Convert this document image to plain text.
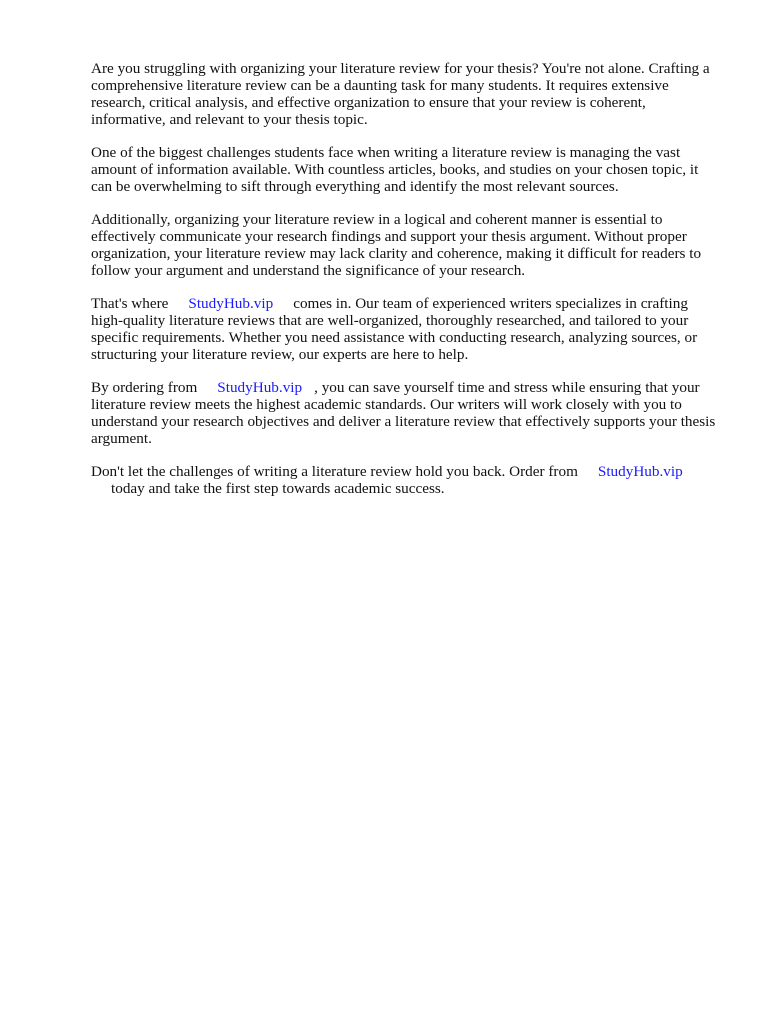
Are you struggling with organizing your literature review for your thesis? You're not alone. Crafting a comprehensive literature review can be a daunting task for many students. It requires extensive research, critical analysis, and effective organization to ensure that your review is coherent, informative, and relevant to your thesis topic.

One of the biggest challenges students face when writing a literature review is managing the vast amount of information available. With countless articles, books, and studies on your chosen topic, it can be overwhelming to sift through everything and identify the most relevant sources.

Additionally, organizing your literature review in a logical and coherent manner is essential to effectively communicate your research findings and support your thesis argument. Without proper organization, your literature review may lack clarity and coherence, making it difficult for readers to follow your argument and understand the significance of your research.

That's where StudyHub.vip comes in. Our team of experienced writers specializes in crafting high-quality literature reviews that are well-organized, thoroughly researched, and tailored to your specific requirements. Whether you need assistance with conducting research, analyzing sources, or structuring your literature review, our experts are here to help.

By ordering from StudyHub.vip , you can save yourself time and stress while ensuring that your literature review meets the highest academic standards. Our writers will work closely with you to understand your research objectives and deliver a literature review that effectively supports your thesis argument.

Don't let the challenges of writing a literature review hold you back. Order from StudyHub.vip
today and take the first step towards academic success.
